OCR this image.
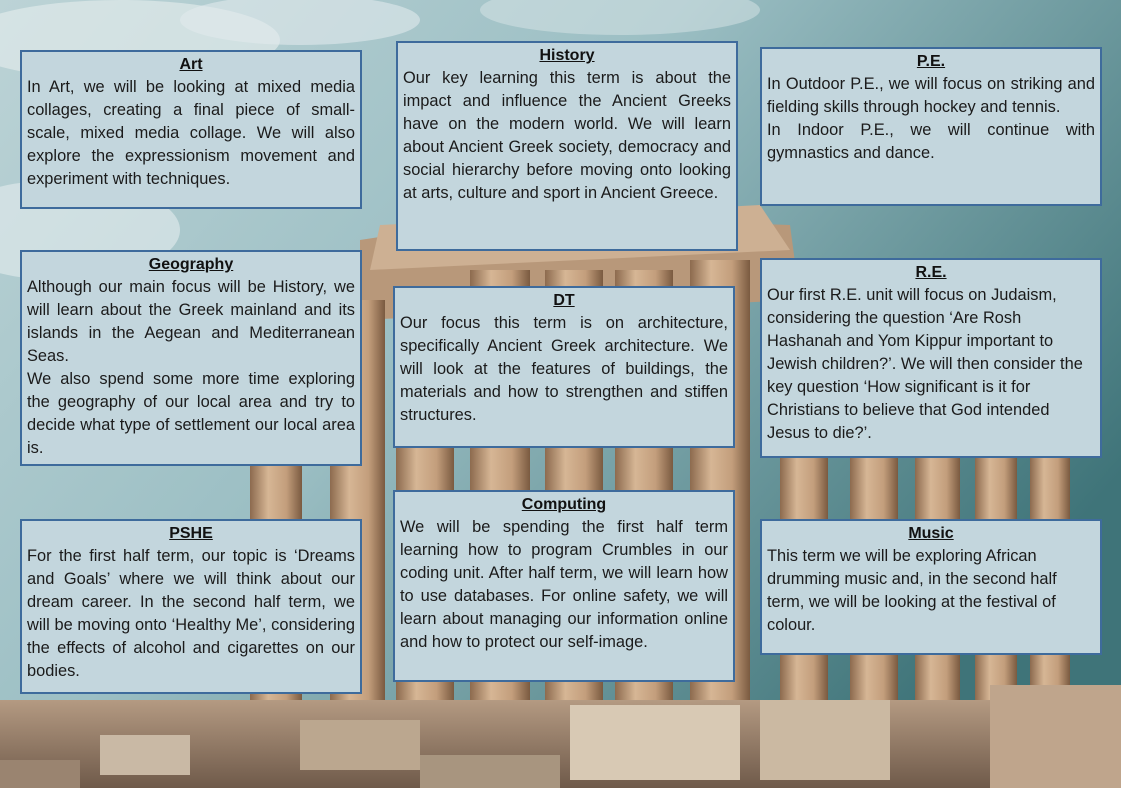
Art

In Art, we will be looking at mixed media collages, creating a final piece of small-scale, mixed media collage. We will also explore the expressionism movement and experiment with techniques.

History

Our key learning this term is about the impact and influence the Ancient Greeks have on the modern world. We will learn about Ancient Greek society, democracy and social hierarchy before moving onto looking at arts, culture and sport in Ancient Greece.

P.E.

In Outdoor P.E., we will focus on striking and fielding skills through hockey and tennis.

In Indoor P.E., we will continue with gymnastics and dance.

Geography

Although our main focus will be History, we will learn about the Greek mainland and its islands in the Aegean and Mediterranean Seas.

We also spend some more time exploring the geography of our local area and try to decide what type of settlement our local area is.

DT

Our focus this term is on architecture, specifically Ancient Greek architecture. We will look at the features of buildings, the materials and how to strengthen and stiffen structures.

R.E.

Our first R.E. unit will focus on Judaism, considering the question ‘Are Rosh Hashanah and Yom Kippur important to Jewish children?’. We will then consider the key question ‘How significant is it for Christians to believe that God intended Jesus to die?’.

PSHE

For the first half term, our topic is ‘Dreams and Goals’ where we will think about our dream career. In the second half term, we will be moving onto ‘Healthy Me’, considering the effects of alcohol and cigarettes on our bodies.

Computing

We will be spending the first half term learning how to program Crumbles in our coding unit. After half term, we will learn how to use databases. For online safety, we will learn about managing our information online and how to protect our self-image.

Music

This term we will be exploring African drumming music and, in the second half term, we will be looking at the festival of colour.
